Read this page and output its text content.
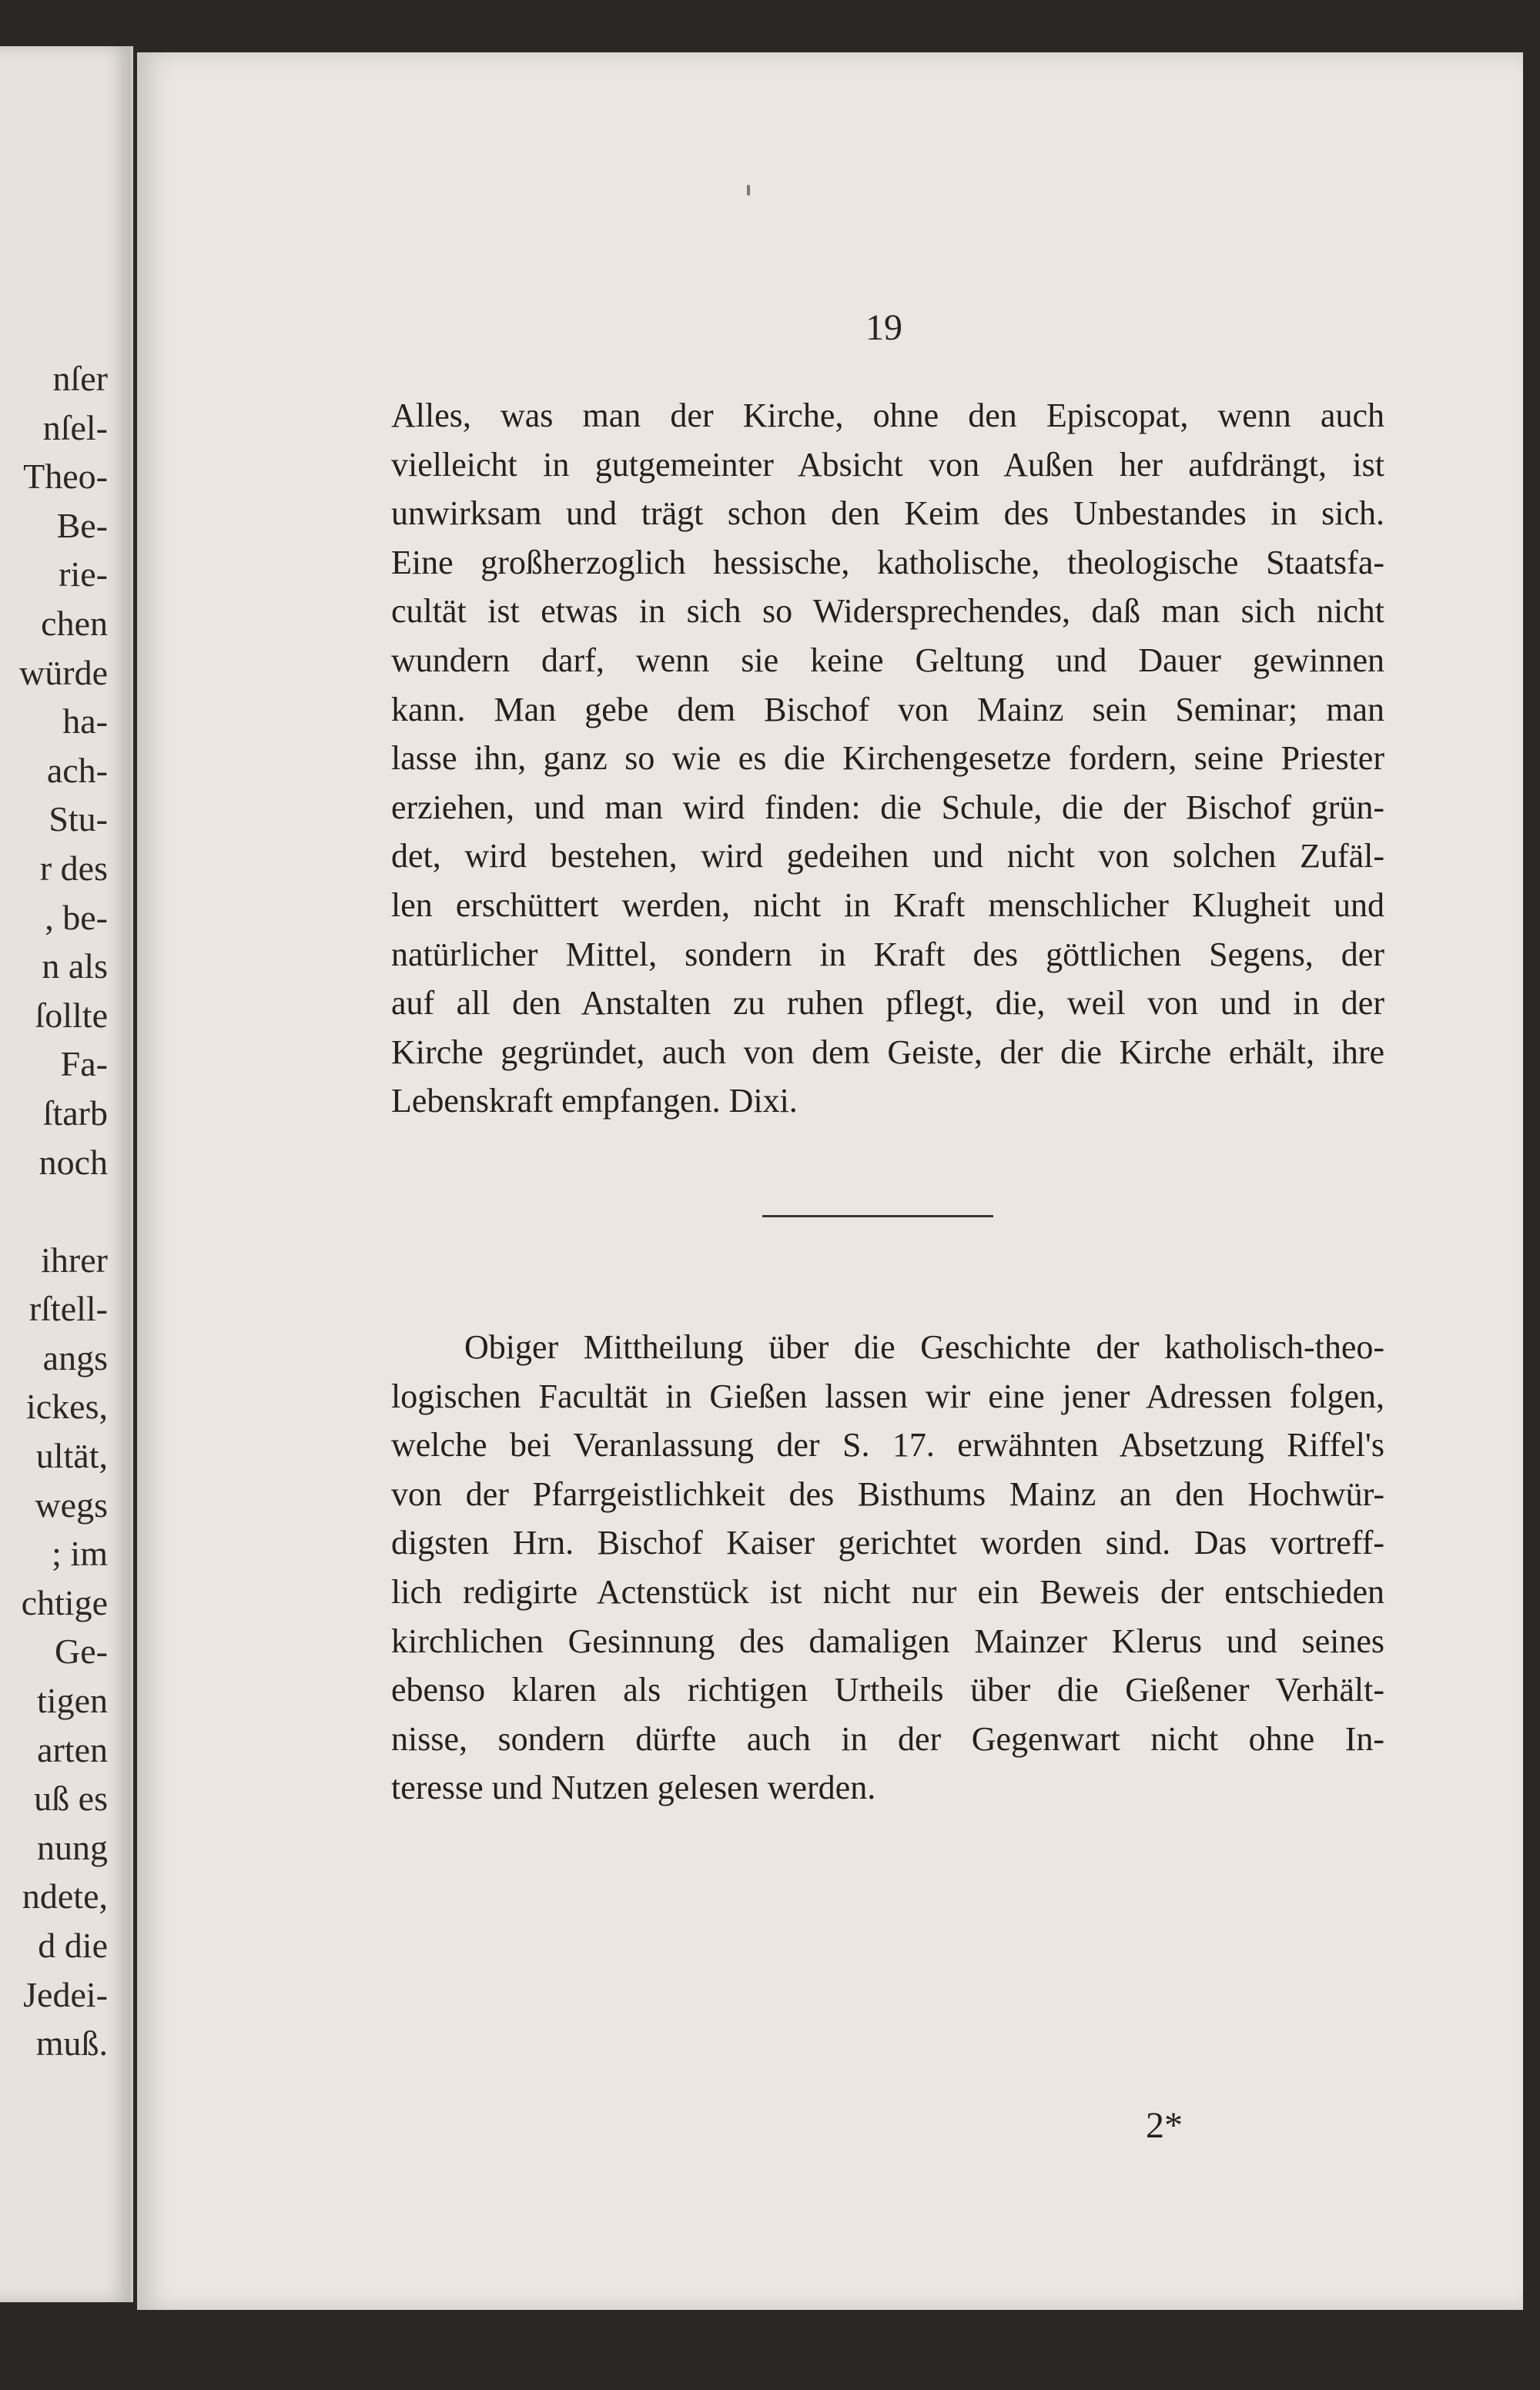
nſer
nſel-
Theo-
Be-
rie-
chen
würde
ha-
ach-
Stu-
r des
, be-
n als
ſollte
Fa-
ſtarb
noch

ihrer
rſtell-
angs
ickes,
ultät,
wegs
; im
chtige
Ge-
tigen
arten
uß es
nung
ndete,
d die
Jedei-
muß.
19
Alles, was man der Kirche, ohne den Episcopat, wenn auch
vielleicht in gutgemeinter Absicht von Außen her aufdrängt, ist
unwirksam und trägt schon den Keim des Unbestandes in sich.
Eine großherzoglich hessische, katholische, theologische Staatsfa-
cultät ist etwas in sich so Widersprechendes, daß man sich nicht
wundern darf, wenn sie keine Geltung und Dauer gewinnen
kann. Man gebe dem Bischof von Mainz sein Seminar; man
lasse ihn, ganz so wie es die Kirchengesetze fordern, seine Priester
erziehen, und man wird finden: die Schule, die der Bischof grün-
det, wird bestehen, wird gedeihen und nicht von solchen Zufäl-
len erschüttert werden, nicht in Kraft menschlicher Klugheit und
natürlicher Mittel, sondern in Kraft des göttlichen Segens, der
auf all den Anstalten zu ruhen pflegt, die, weil von und in der
Kirche gegründet, auch von dem Geiste, der die Kirche erhält, ihre
Lebenskraft empfangen. Dixi.
Obiger Mittheilung über die Geschichte der katholisch-theo-
logischen Facultät in Gießen lassen wir eine jener Adressen folgen,
welche bei Veranlassung der S. 17. erwähnten Absetzung Riffel's
von der Pfarrgeistlichkeit des Bisthums Mainz an den Hochwür-
digsten Hrn. Bischof Kaiser gerichtet worden sind. Das vortreff-
lich redigirte Actenstück ist nicht nur ein Beweis der entschieden
kirchlichen Gesinnung des damaligen Mainzer Klerus und seines
ebenso klaren als richtigen Urtheils über die Gießener Verhält-
nisse, sondern dürfte auch in der Gegenwart nicht ohne In-
teresse und Nutzen gelesen werden.
2*
